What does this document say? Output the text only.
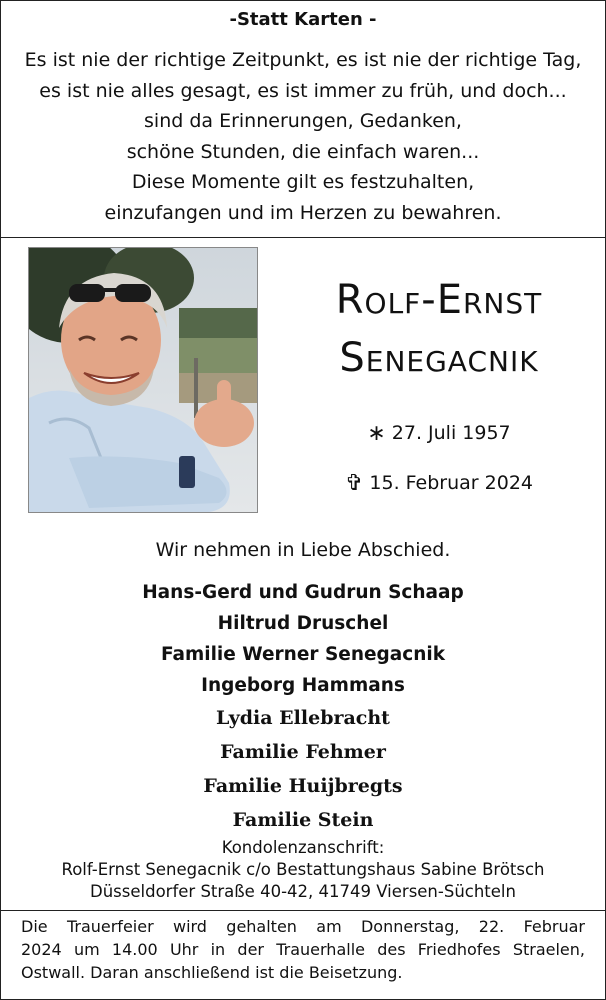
-Statt Karten -
Es ist nie der richtige Zeitpunkt, es ist nie der richtige Tag,
es ist nie alles gesagt, es ist immer zu früh, und doch...
sind da Erinnerungen, Gedanken,
schöne Stunden, die einfach waren...
Diese Momente gilt es festzuhalten,
einzufangen und im Herzen zu bewahren.
Rolf-Ernst
Senegacnik
∗ 27. Juli 1957
✞ 15. Februar 2024
Wir nehmen in Liebe Abschied.
Hans-Gerd und Gudrun Schaap
Hiltrud Druschel
Familie Werner Senegacnik
Ingeborg Hammans
Lydia Ellebracht
Familie Fehmer
Familie Huijbregts
Familie Stein
Kondolenzanschrift:
Rolf-Ernst Senegacnik c/o Bestattungshaus Sabine Brötsch
Düsseldorfer Straße 40-42, 41749 Viersen-Süchteln
Die Trauerfeier wird gehalten am Donnerstag, 22. Februar
2024 um 14.00 Uhr in der Trauerhalle des Friedhofes Straelen,
Ostwall. Daran anschließend ist die Beisetzung.
